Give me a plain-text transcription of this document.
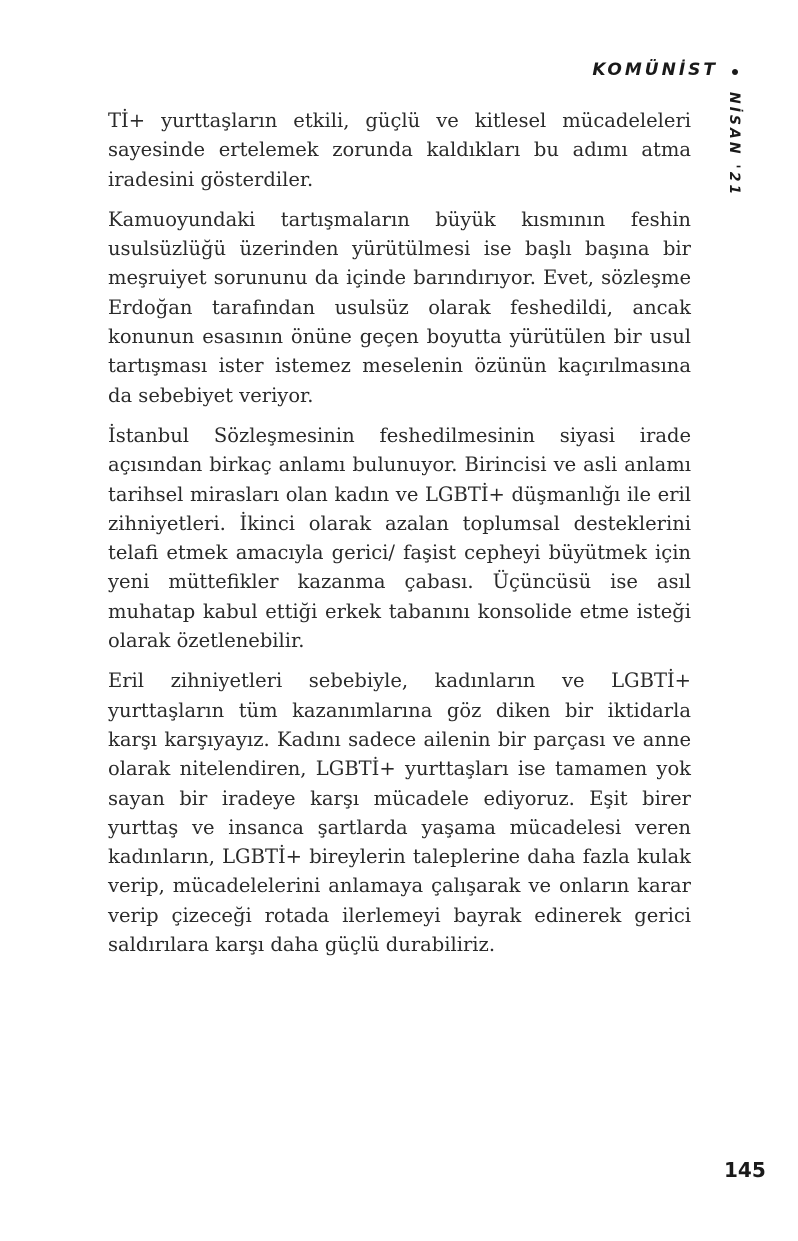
KOMÜNİST
NİSAN '21

Tİ+ yurttaşların etkili, güçlü ve kitlesel mücadeleleri sayesinde ertelemek zorunda kaldıkları bu adımı atma iradesini gösterdiler.

Kamuoyundaki tartışmaların büyük kısmının feshin usulsüzlüğü üzerinden yürütülmesi ise başlı başına bir meşruiyet sorununu da içinde barındırıyor. Evet, sözleşme Erdoğan tarafından usulsüz olarak feshedildi, ancak konunun esasının önüne geçen boyutta yürütülen bir usul tartışması ister istemez meselenin özünün kaçırılmasına da sebebiyet veriyor.

İstanbul Sözleşmesinin feshedilmesinin siyasi irade açısından birkaç anlamı bulunuyor. Birincisi ve asli anlamı tarihsel mirasları olan kadın ve LGBTİ+ düşmanlığı ile eril zihniyetleri. İkinci olarak azalan toplumsal desteklerini telafi etmek amacıyla gerici/ faşist cepheyi büyütmek için yeni müttefikler kazanma çabası. Üçüncüsü ise asıl muhatap kabul ettiği erkek tabanını konsolide etme isteği olarak özetlenebilir.

Eril zihniyetleri sebebiyle, kadınların ve LGBTİ+ yurttaşların tüm kazanımlarına göz diken bir iktidarla karşı karşıyayız. Kadını sadece ailenin bir parçası ve anne olarak nitelendiren, LGBTİ+ yurttaşları ise tamamen yok sayan bir iradeye karşı mücadele ediyoruz. Eşit birer yurttaş ve insanca şartlarda yaşama mücadelesi veren kadınların, LGBTİ+ bireylerin taleplerine daha fazla kulak verip, mücadelelerini anlamaya çalışarak ve onların karar verip çizeceği rotada ilerlemeyi bayrak edinerek gerici saldırılara karşı daha güçlü durabiliriz.

145
